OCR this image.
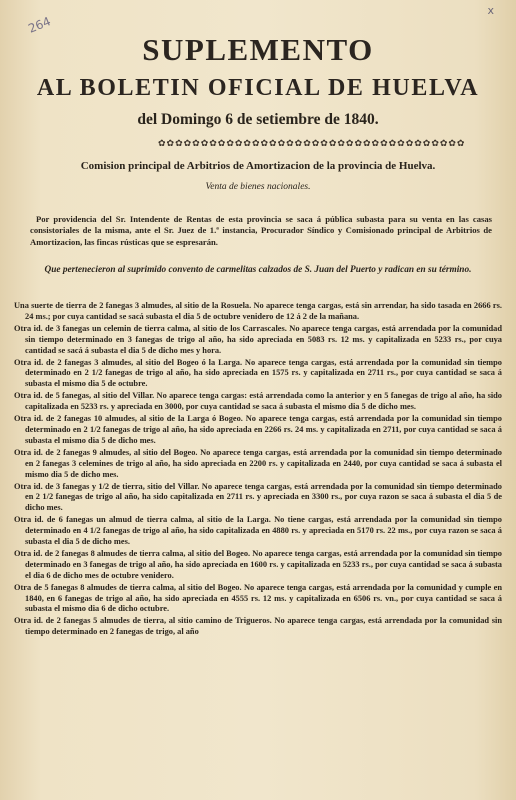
264
x
SUPLEMENTO
AL BOLETIN OFICIAL DE HUELVA
del Domingo 6 de setiembre de 1840.
✿✿✿✿✿✿✿✿✿✿✿✿✿✿✿✿✿✿✿✿✿✿✿✿✿✿✿✿✿✿✿✿✿✿✿✿
Comision principal de Arbitrios de Amortizacion de la provincia de Huelva.
Venta de bienes nacionales.

Por providencia del Sr. Intendente de Rentas de esta provincia se saca á pública subasta para su venta en las casas consistoriales de la misma, ante el Sr. Juez de 1.ª instancia, Procurador Síndico y Comisionado principal de Arbitrios de Amortizacion, las fincas rústicas que se espresarán.

Que pertenecieron al suprimido convento de carmelitas calzados de S. Juan del Puerto y radican en su término.
Una suerte de tierra de 2 fanegas 3 almudes, al sitio de la Rosuela. No aparece tenga cargas, está sin arrendar, ha sido tasada en 2666 rs. 24 ms.; por cuya cantidad se sacá subasta el dia 5 de octubre venidero de 12 á 2 de la mañana.
Otra id. de 3 fanegas un celemin de tierra calma, al sitio de los Carrascales. No aparece tenga cargas, está arrendada por la comunidad sin tiempo determinado en 3 fanegas de trigo al año, ha sido apreciada en 5083 rs. 12 ms. y capitalizada en 5233 rs., por cuya cantidad se sacá á subasta el dia 5 de dicho mes y hora.
Otra id. de 2 fanegas 3 almudes, al sitio del Bogeo ó la Larga. No aparece tenga cargas, está arrendada por la comunidad sin tiempo determinado en 2 1/2 fanegas de trigo al año, ha sido apreciada en 1575 rs. y capitalizada en 2711 rs., por cuya cantidad se saca á subasta el mismo dia 5 de octubre.
Otra id. de 5 fanegas, al sitio del Villar. No aparece tenga cargas: está arrendada como la anterior y en 5 fanegas de trigo al año, ha sido capitalizada en 5233 rs. y apreciada en 3000, por cuya cantidad se saca á subasta el mismo dia 5 de dicho mes.
Otra id. de 2 fanegas 10 almudes, al sitio de la Larga ó Bogeo. No aparece tenga cargas, está arrendada por la comunidad sin tiempo determinado en 2 1/2 fanegas de trigo al año, ha sido apreciada en 2266 rs. 24 ms. y capitalizada en 2711, por cuya cantidad se saca á subasta el mismo dia 5 de dicho mes.
Otra id. de 2 fanegas 9 almudes, al sitio del Bogeo. No aparece tenga cargas, está arrendada por la comunidad sin tiempo determinado en 2 fanegas 3 celemines de trigo al año, ha sido apreciada en 2200 rs. y capitalizada en 2440, por cuya cantidad se saca á subasta el mismo dia 5 de dicho mes.
Otra id. de 3 fanegas y 1/2 de tierra, sitio del Villar. No aparece tenga cargas, está arrendada por la comunidad sin tiempo determinado en 2 1/2 fanegas de trigo al año, ha sido capitalizada en 2711 rs. y apreciada en 3300 rs., por cuya razon se saca á subasta el dia 5 de dicho mes.
Otra id. de 6 fanegas un almud de tierra calma, al sitio de la Larga. No tiene cargas, está arrendada por la comunidad sin tiempo determinado en 4 1/2 fanegas de trigo al año, ha sido capitalizada en 4880 rs. y apreciada en 5170 rs. 22 ms., por cuya razon se saca á subasta el dia 5 de dicho mes.
Otra id. de 2 fanegas 8 almudes de tierra calma, al sitio del Bogeo. No aparece tenga cargas, está arrendada por la comunidad sin tiempo determinado en 3 fanegas de trigo al año, ha sido apreciada en 1600 rs. y capitalizada en 5233 rs., por cuya cantidad se saca á subasta el dia 6 de dicho mes de octubre venidero.
Otra de 5 fanegas 8 almudes de tierra calma, al sitio del Bogeo. No aparece tenga cargas, está arrendada por la comunidad y cumple en 1840, en 6 fanegas de trigo al año, ha sido apreciada en 4555 rs. 12 ms. y capitalizada en 6506 rs. vn., por cuya cantidad se saca á subasta el mismo dia 6 de dicho octubre.
Otra id. de 2 fanegas 5 almudes de tierra, al sitio camino de Trigueros. No aparece tenga cargas, está arrendada por la comunidad sin tiempo determinado en 2 fanegas de trigo, al año
